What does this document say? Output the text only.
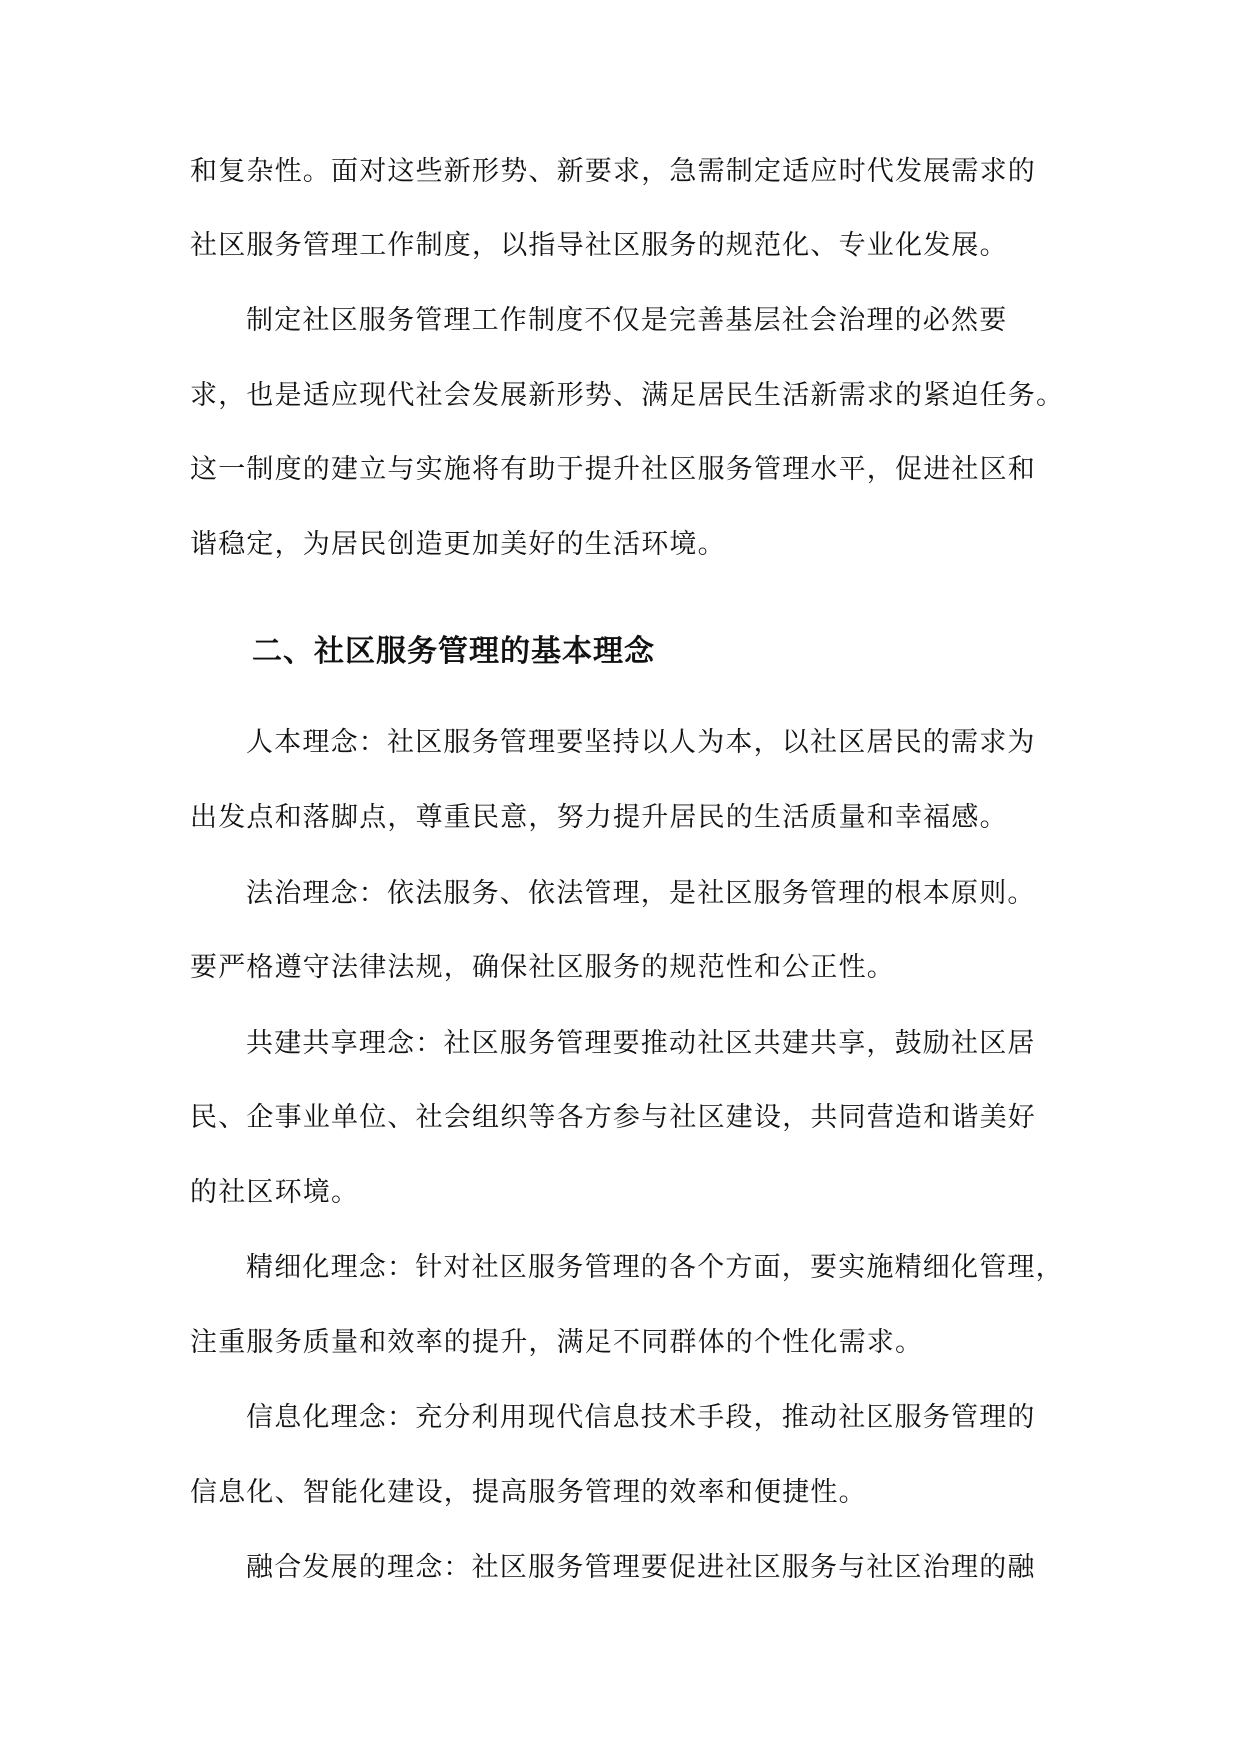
和复杂性。面对这些新形势、新要求，急需制定适应时代发展需求的
社区服务管理工作制度，以指导社区服务的规范化、专业化发展。
制定社区服务管理工作制度不仅是完善基层社会治理的必然要
求，也是适应现代社会发展新形势、满足居民生活新需求的紧迫任务。
这一制度的建立与实施将有助于提升社区服务管理水平，促进社区和
谐稳定，为居民创造更加美好的生活环境。
二、社区服务管理的基本理念
人本理念：社区服务管理要坚持以人为本，以社区居民的需求为
出发点和落脚点，尊重民意，努力提升居民的生活质量和幸福感。
法治理念：依法服务、依法管理，是社区服务管理的根本原则。
要严格遵守法律法规，确保社区服务的规范性和公正性。
共建共享理念：社区服务管理要推动社区共建共享，鼓励社区居
民、企事业单位、社会组织等各方参与社区建设，共同营造和谐美好
的社区环境。
精细化理念：针对社区服务管理的各个方面，要实施精细化管理，
注重服务质量和效率的提升，满足不同群体的个性化需求。
信息化理念：充分利用现代信息技术手段，推动社区服务管理的
信息化、智能化建设，提高服务管理的效率和便捷性。
融合发展的理念：社区服务管理要促进社区服务与社区治理的融
